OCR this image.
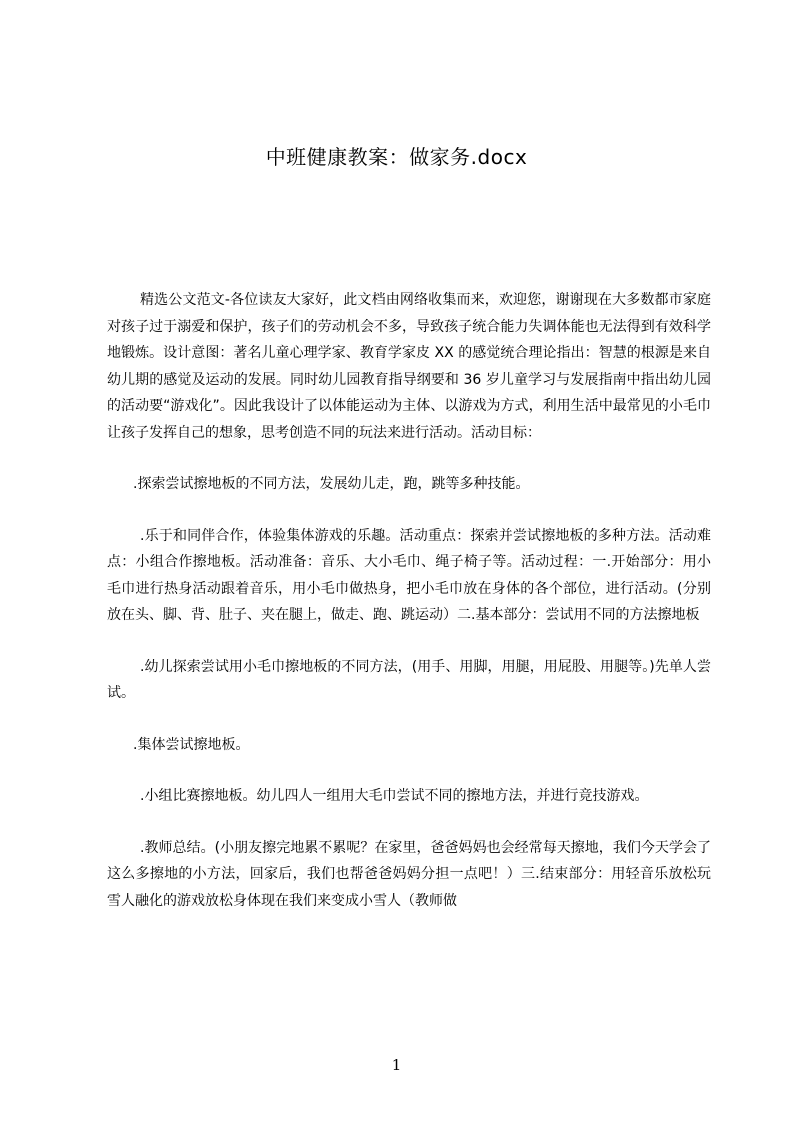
中班健康教案：做家务.docx

精选公文范文-各位读友大家好，此文档由网络收集而来，欢迎您，谢谢现在大多数都市家庭对孩子过于溺爱和保护，孩子们的劳动机会不多，导致孩子统合能力失调体能也无法得到有效科学地锻炼。设计意图：著名儿童心理学家、教育学家皮 XX 的感觉统合理论指出：智慧的根源是来自幼儿期的感觉及运动的发展。同时幼儿园教育指导纲要和 36 岁儿童学习与发展指南中指出幼儿园的活动要“游戏化”。因此我设计了以体能运动为主体、以游戏为方式，利用生活中最常见的小毛巾让孩子发挥自己的想象，思考创造不同的玩法来进行活动。活动目标：

.探索尝试擦地板的不同方法，发展幼儿走，跑，跳等多种技能。

.乐于和同伴合作，体验集体游戏的乐趣。活动重点：探索并尝试擦地板的多种方法。活动难点：小组合作擦地板。活动准备：音乐、大小毛巾、绳子椅子等。活动过程：一.开始部分：用小毛巾进行热身活动跟着音乐，用小毛巾做热身，把小毛巾放在身体的各个部位，进行活动。(分别放在头、脚、背、肚子、夹在腿上，做走、跑、跳运动）二.基本部分：尝试用不同的方法擦地板

.幼儿探索尝试用小毛巾擦地板的不同方法，(用手、用脚，用腿，用屁股、用腿等。)先单人尝试。

.集体尝试擦地板。

.小组比赛擦地板。幼儿四人一组用大毛巾尝试不同的擦地方法，并进行竞技游戏。

.教师总结。(小朋友擦完地累不累呢？在家里，爸爸妈妈也会经常每天擦地，我们今天学会了这么多擦地的小方法，回家后，我们也帮爸爸妈妈分担一点吧！）三.结束部分：用轻音乐放松玩雪人融化的游戏放松身体现在我们来变成小雪人（教师做

1
